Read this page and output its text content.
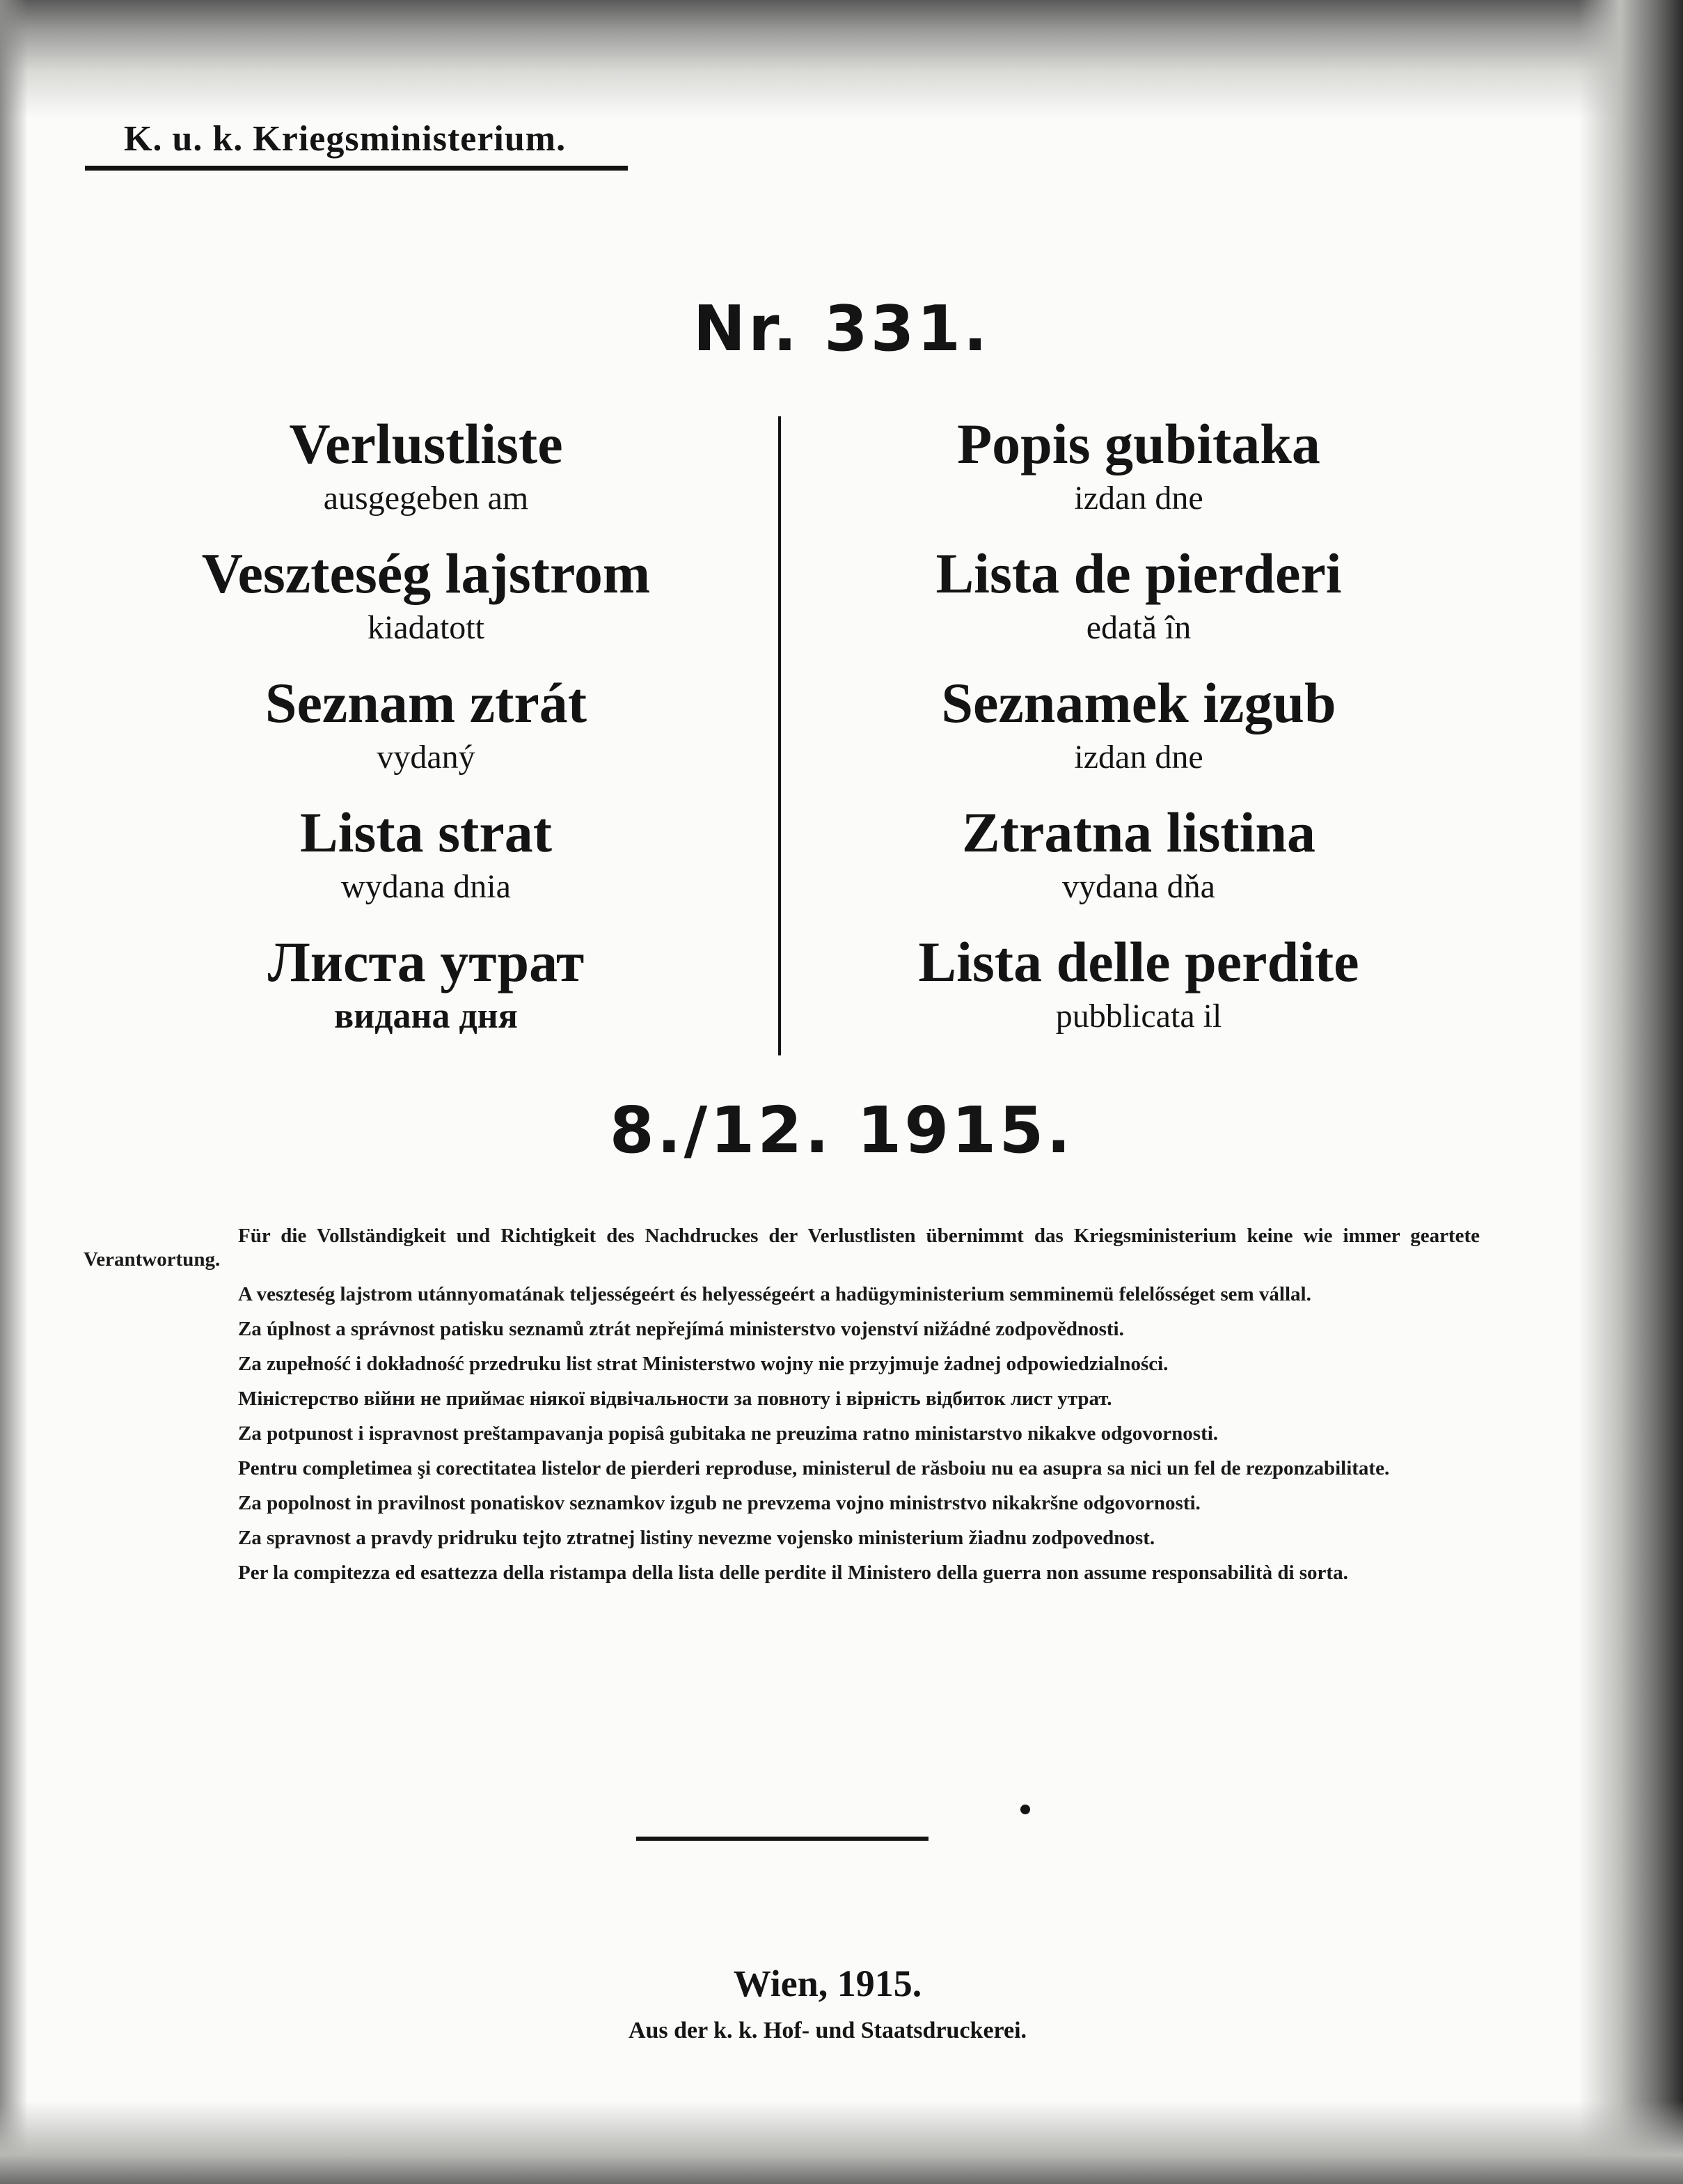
K. u. k. Kriegsministerium.
Nr. 331.
Verlustliste
ausgegeben am
Veszteség lajstrom
kiadatott
Seznam ztrát
vydaný
Lista strat
wydana dnia
Листа утрат
видана дня
Popis gubitaka
izdan dne
Lista de pierderi
edată în
Seznamek izgub
izdan dne
Ztratna listina
vydana dňa
Lista delle perdite
pubblicata il
8./12. 1915.

Für die Vollständigkeit und Richtigkeit des Nachdruckes der Verlustlisten übernimmt das Kriegsministerium keine wie immer geartete Verantwortung.

A veszteség lajstrom utánnyomatának teljességeért és helyességeért a hadügyministerium semminemü felelősséget sem vállal.

Za úplnost a správnost patisku seznamů ztrát nepřejímá ministerstvo vojenství nižádné zodpovědnosti.

Za zupełność i dokładność przedruku list strat Ministerstwo wojny nie przyjmuje żadnej odpowiedzialności.

Міністерство війни не приймає ніякої відвічальности за повноту і вірність відбиток лист утрат.

Za potpunost i ispravnost preštampavanja popisâ gubitaka ne preuzima ratno ministarstvo nikakve odgovornosti.

Pentru completimea şi corectitatea listelor de pierderi reproduse, ministerul de răsboiu nu ea asupra sa nici un fel de rezponzabilitate.

Za popolnost in pravilnost ponatiskov seznamkov izgub ne prevzema vojno ministrstvo nikakršne odgovornosti.

Za spravnost a pravdy pridruku tejto ztratnej listiny nevezme vojensko ministerium žiadnu zodpovednost.

Per la compitezza ed esattezza della ristampa della lista delle perdite il Ministero della guerra non assume responsabilità di sorta.

Wien, 1915.
Aus der k. k. Hof- und Staatsdruckerei.
